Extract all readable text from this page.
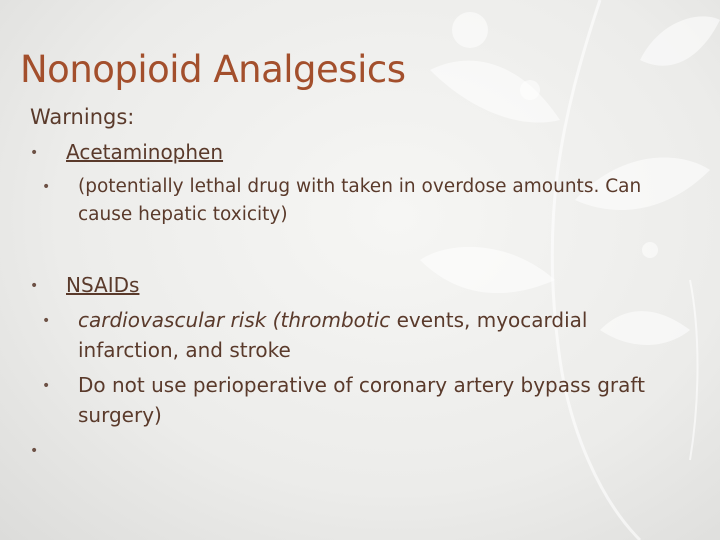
Nonopioid Analgesics
Warnings:
• Acetaminophen
• (potentially lethal drug with taken in overdose amounts. Can
cause hepatic toxicity)
• NSAIDs
• cardiovascular risk (thrombotic events, myocardial
infarction, and stroke
• Do not use perioperative of coronary artery bypass graft
surgery)
•
